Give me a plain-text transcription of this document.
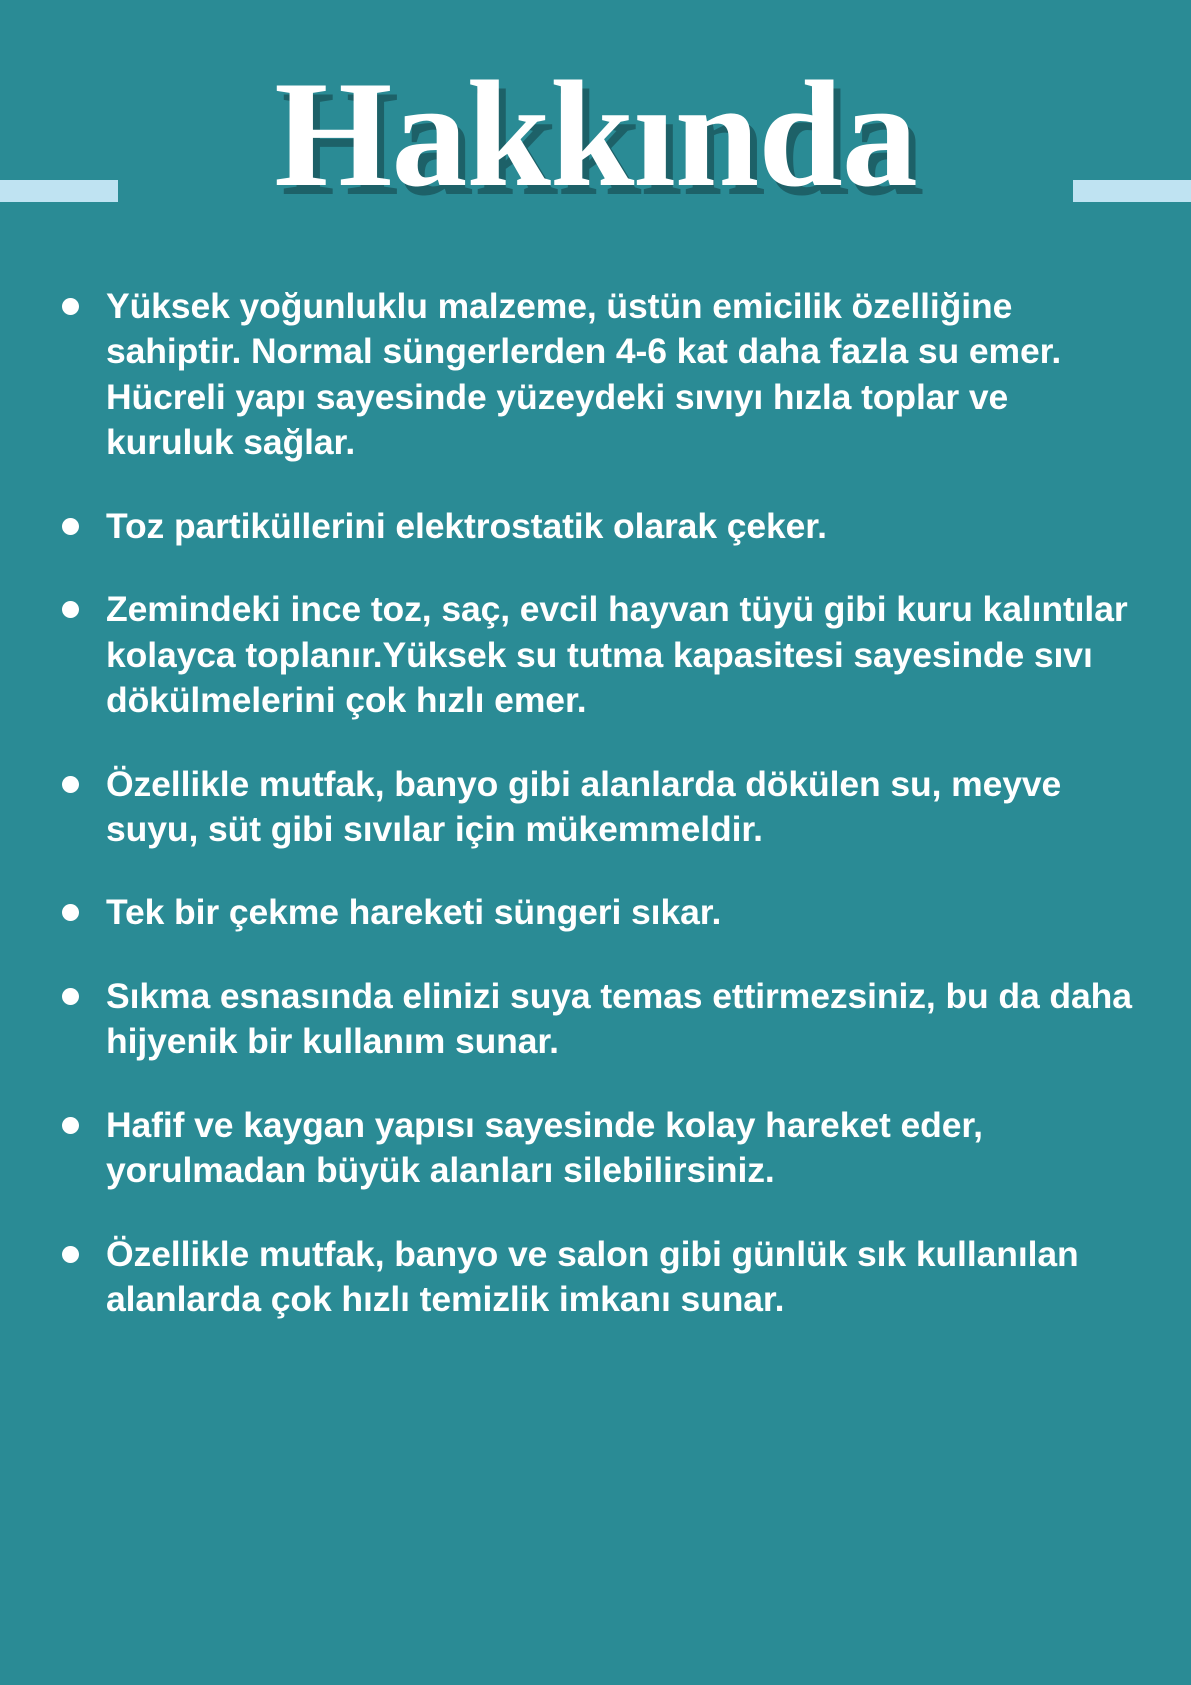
Hakkında
Yüksek yoğunluklu malzeme, üstün emicilik özelliğine sahiptir. Normal süngerlerden 4-6 kat daha fazla su emer. Hücreli yapı sayesinde yüzeydeki sıvıyı hızla toplar ve kuruluk sağlar.
Toz partiküllerini elektrostatik olarak çeker.
Zemindeki ince toz, saç, evcil hayvan tüyü gibi kuru kalıntılar kolayca toplanır.Yüksek su tutma kapasitesi sayesinde sıvı dökülmelerini çok hızlı emer.
Özellikle mutfak, banyo gibi alanlarda dökülen su, meyve suyu, süt gibi sıvılar için mükemmeldir.
Tek bir çekme hareketi süngeri sıkar.
Sıkma esnasında elinizi suya temas ettirmezsiniz, bu da daha hijyenik bir kullanım sunar.
Hafif ve kaygan yapısı sayesinde kolay hareket eder, yorulmadan büyük alanları silebilirsiniz.
Özellikle mutfak, banyo ve salon gibi günlük sık kullanılan alanlarda çok hızlı temizlik imkanı sunar.
